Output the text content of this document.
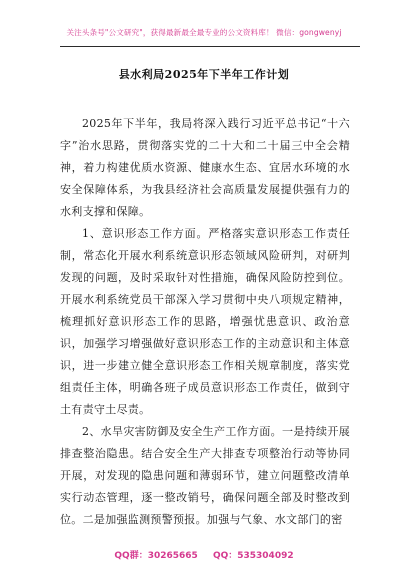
关注头条号"公文研究"，获得最新最全最专业的公文资料库！ 微信：gongwenyj
县水利局2025年下半年工作计划

2025年下半年，我局将深入践行习近平总书记“十六字”治水思路，贯彻落实党的二十大和二十届三中全会精神，着力构建优质水资源、健康水生态、宜居水环境的水安全保障体系，为我县经济社会高质量发展提供强有力的水利支撑和保障。

1、意识形态工作方面。严格落实意识形态工作责任制，常态化开展水利系统意识形态领域风险研判，对研判发现的问题，及时采取针对性措施，确保风险防控到位。开展水利系统党员干部深入学习贯彻中央八项规定精神，梳理抓好意识形态工作的思路，增强忧患意识、政治意识，加强学习增强做好意识形态工作的主动意识和主体意识，进一步建立健全意识形态工作相关规章制度，落实党组责任主体，明确各班子成员意识形态工作责任，做到守土有责守土尽责。

2、水旱灾害防御及安全生产工作方面。一是持续开展排查整治隐患。结合安全生产大排查专项整治行动等协同开展，对发现的隐患问题和薄弱环节，建立问题整改清单实行动态管理，逐一整改销号，确保问题全部及时整改到位。二是加强监测预警预报。加强与气象、水文部门的密

QQ群：30265665 QQ：535304092
